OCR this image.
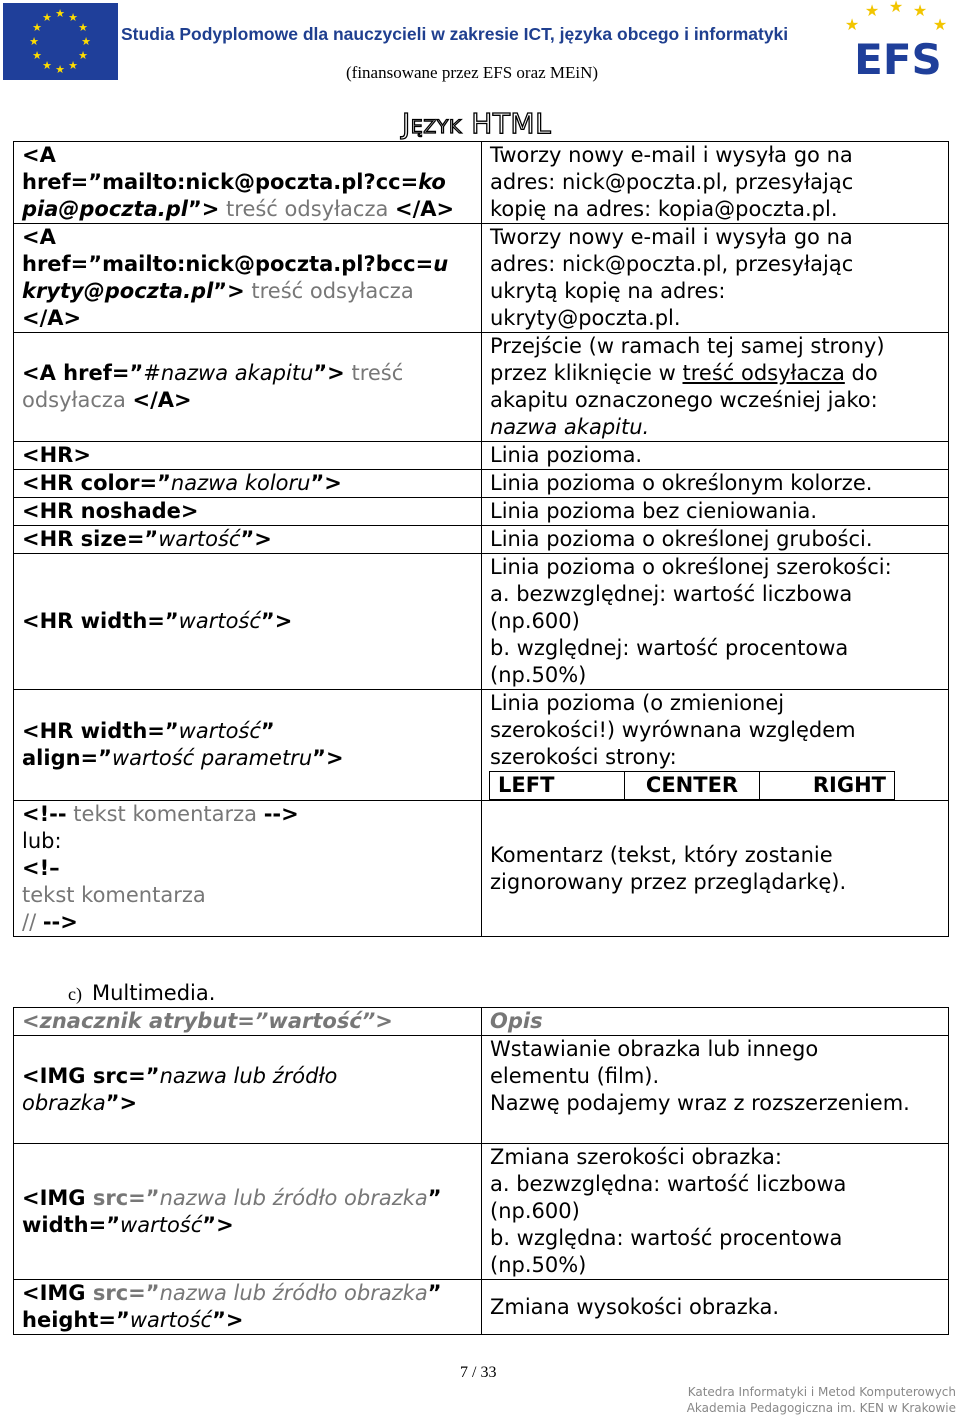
★ ★
★
★
★
★
★
★
★
★
★
★
Studia Podyplomowe dla nauczycieli w zakresie ICT, języka obcego i informatyki
(finansowane przez EFS oraz MEiN)
★
★ ★ ★
★
EFS
JĘZYK HTML
<A
href=”mailto:nick@poczta.pl?cc=ko
pia@poczta.pl”> treść odsyłacza </A>	Tworzy nowy e-mail i wysyła go na
adres: nick@poczta.pl, przesyłając
kopię na adres: kopia@poczta.pl.
<A
href=”mailto:nick@poczta.pl?bcc=u
kryty@poczta.pl”> treść odsyłacza
</A>	Tworzy nowy e-mail i wysyła go na
adres: nick@poczta.pl, przesyłając
ukrytą kopię na adres:
ukryty@poczta.pl.
<A href=”#nazwa akapitu”> treść
odsyłacza </A>	Przejście (w ramach tej samej strony)
przez kliknięcie w treść odsyłacza do
akapitu oznaczonego wcześniej jako:
nazwa akapitu.
<HR>	Linia pozioma.
<HR color=”nazwa koloru”>	Linia pozioma o określonym kolorze.
<HR noshade>	Linia pozioma bez cieniowania.
<HR size=”wartość”>	Linia pozioma o określonej grubości.
<HR width=”wartość”>	Linia pozioma o określonej szerokości:
a. bezwzględnej: wartość liczbowa
(np.600)
b. względnej: wartość procentowa
(np.50%)
<HR width=”wartość”
align=”wartość parametru”>	Linia pozioma (o zmienionej
szerokości!) wyrównana względem
szerokości strony:
LEFT	CENTER	RIGHT

<!-- tekst komentarza -->
lub:
<!–
tekst komentarza
// -->	Komentarz (tekst, który zostanie
zignorowany przez przeglądarkę).
c) Multimedia.
<znacznik atrybut=”wartość”>	Opis
<IMG src=”nazwa lub źródło
obrazka”>	Wstawianie obrazka lub innego
elementu (film).
Nazwę podajemy wraz z rozszerzeniem.
<IMG src=”nazwa lub źródło obrazka”
width=”wartość”>	Zmiana szerokości obrazka:
a. bezwzględna: wartość liczbowa
(np.600)
b. względna: wartość procentowa
(np.50%)
<IMG src=”nazwa lub źródło obrazka”
height=”wartość”>	Zmiana wysokości obrazka.
7 / 33
Katedra Informatyki i Metod Komputerowych
Akademia Pedagogiczna im. KEN w Krakowie
